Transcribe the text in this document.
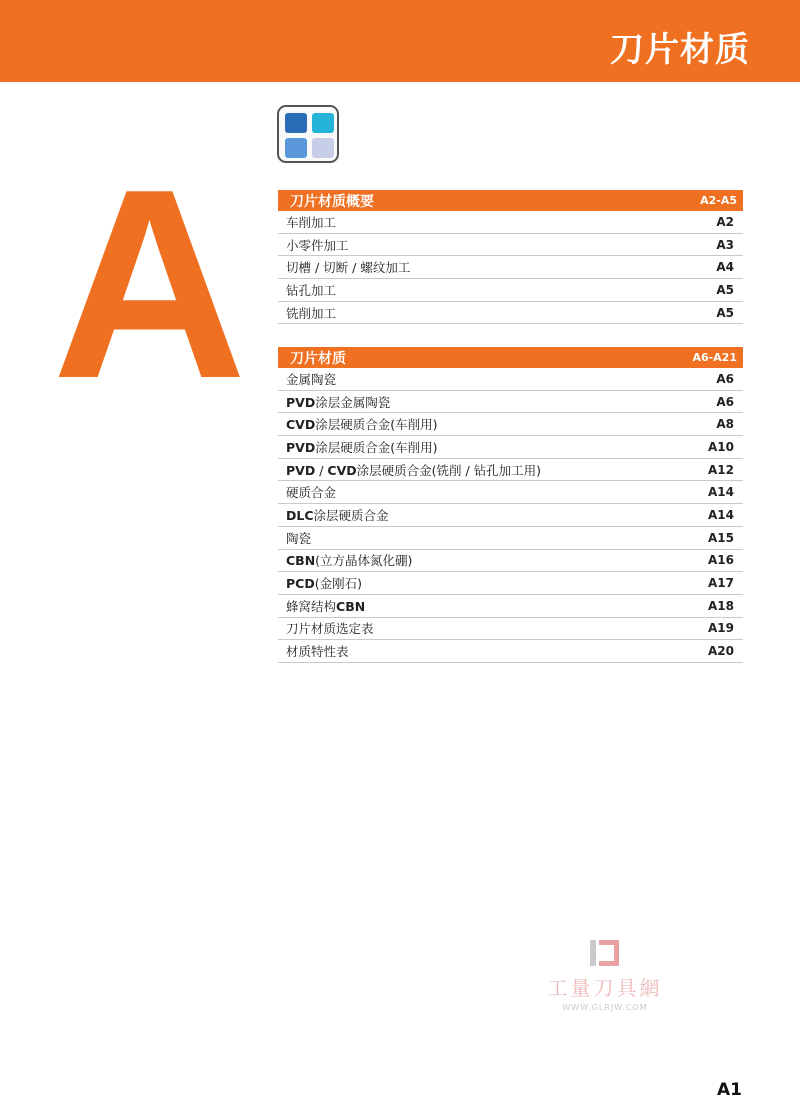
刀片材质
A	刀片材质概要	A2-A5
车削加工	A2
小零件加工	A3
切槽 / 切断 / 螺纹加工	A4
钻孔加工	A5
铣削加工	A5
刀片材质	A6-A21
金属陶瓷	A6
PVD涂层金属陶瓷	A6
CVD涂层硬质合金(车削用)	A8
PVD涂层硬质合金(车削用)	A10
PVD / CVD涂层硬质合金(铣削 / 钻孔加工用)	A12
硬质合金	A14
DLC涂层硬质合金	A14
陶瓷	A15
CBN(立方晶体氮化硼)	A16
PCD(金刚石)	A17
蜂窝结构CBN	A18
刀片材质选定表	A19
材质特性表	A20
工量刀具網
WWW.GLRJW.COM
A1
